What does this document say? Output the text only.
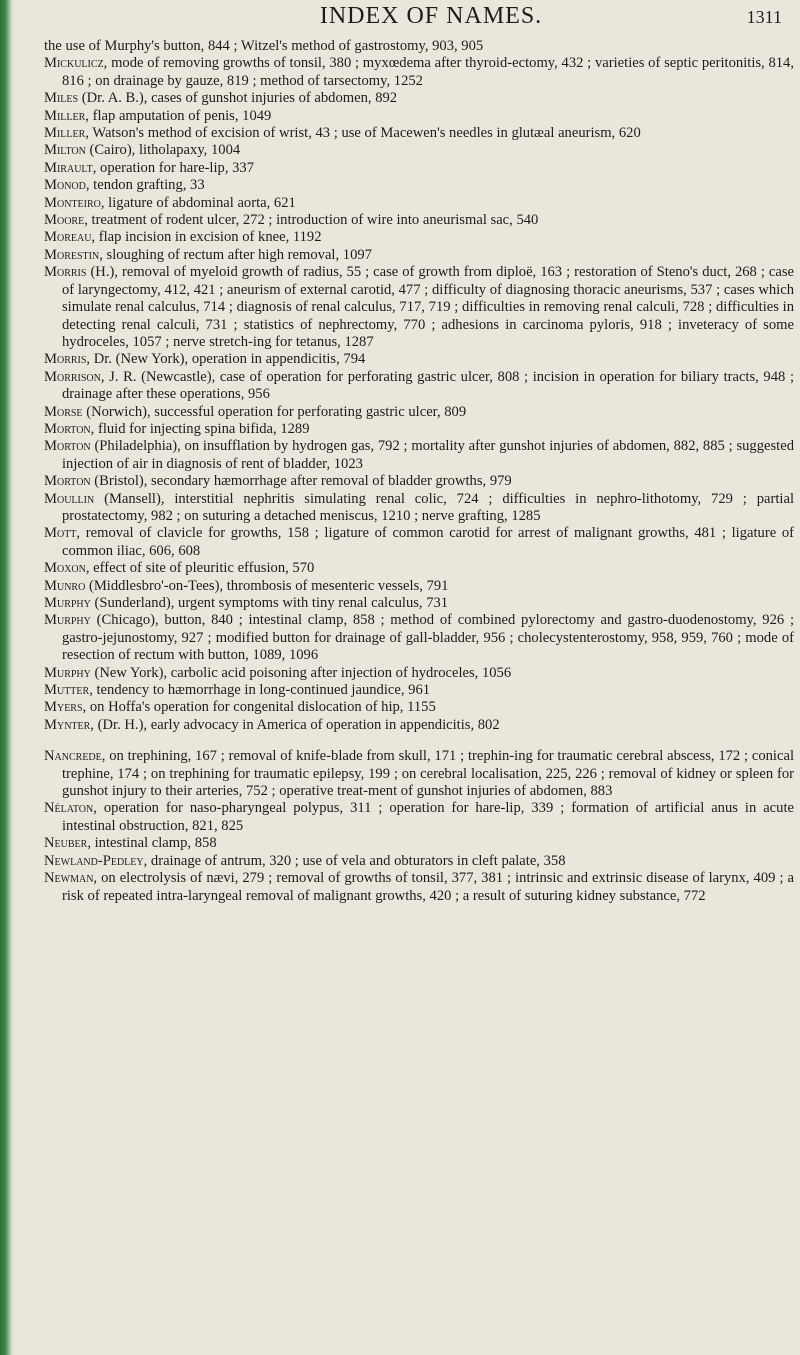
INDEX OF NAMES.	1311

the use of Murphy's button, 844 ; Witzel's method of gastrostomy, 903, 905

Mickulicz, mode of removing growths of tonsil, 380 ; myxœdema after thyroid-ectomy, 432 ; varieties of septic peritonitis, 814, 816 ; on drainage by gauze, 819 ; method of tarsectomy, 1252

Miles (Dr. A. B.), cases of gunshot injuries of abdomen, 892

Miller, flap amputation of penis, 1049

Miller, Watson's method of excision of wrist, 43 ; use of Macewen's needles in glutæal aneurism, 620

Milton (Cairo), litholapaxy, 1004

Mirault, operation for hare-lip, 337

Monod, tendon grafting, 33

Monteiro, ligature of abdominal aorta, 621

Moore, treatment of rodent ulcer, 272 ; introduction of wire into aneurismal sac, 540

Moreau, flap incision in excision of knee, 1192

Morestin, sloughing of rectum after high removal, 1097

Morris (H.), removal of myeloid growth of radius, 55 ; case of growth from diploë, 163 ; restoration of Steno's duct, 268 ; case of laryngectomy, 412, 421 ; aneurism of external carotid, 477 ; difficulty of diagnosing thoracic aneurisms, 537 ; cases which simulate renal calculus, 714 ; diagnosis of renal calculus, 717, 719 ; difficulties in removing renal calculi, 728 ; difficulties in detecting renal calculi, 731 ; statistics of nephrectomy, 770 ; adhesions in carcinoma pyloris, 918 ; inveteracy of some hydroceles, 1057 ; nerve stretch-ing for tetanus, 1287

Morris, Dr. (New York), operation in appendicitis, 794

Morrison, J. R. (Newcastle), case of operation for perforating gastric ulcer, 808 ; incision in operation for biliary tracts, 948 ; drainage after these operations, 956

Morse (Norwich), successful operation for perforating gastric ulcer, 809

Morton, fluid for injecting spina bifida, 1289

Morton (Philadelphia), on insufflation by hydrogen gas, 792 ; mortality after gunshot injuries of abdomen, 882, 885 ; suggested injection of air in diagnosis of rent of bladder, 1023

Morton (Bristol), secondary hæmorrhage after removal of bladder growths, 979

Moullin (Mansell), interstitial nephritis simulating renal colic, 724 ; difficulties in nephro-lithotomy, 729 ; partial prostatectomy, 982 ; on suturing a detached meniscus, 1210 ; nerve grafting, 1285

Mott, removal of clavicle for growths, 158 ; ligature of common carotid for arrest of malignant growths, 481 ; ligature of common iliac, 606, 608

Moxon, effect of site of pleuritic effusion, 570

Munro (Middlesbro'-on-Tees), thrombosis of mesenteric vessels, 791

Murphy (Sunderland), urgent symptoms with tiny renal calculus, 731

Murphy (Chicago), button, 840 ; intestinal clamp, 858 ; method of combined pylorectomy and gastro-duodenostomy, 926 ; gastro-jejunostomy, 927 ; modified button for drainage of gall-bladder, 956 ; cholecystenterostomy, 958, 959, 760 ; mode of resection of rectum with button, 1089, 1096

Murphy (New York), carbolic acid poisoning after injection of hydroceles, 1056

Mutter, tendency to hæmorrhage in long-continued jaundice, 961

Myers, on Hoffa's operation for congenital dislocation of hip, 1155

Mynter, (Dr. H.), early advocacy in America of operation in appendicitis, 802

Nancrede, on trephining, 167 ; removal of knife-blade from skull, 171 ; trephin-ing for traumatic cerebral abscess, 172 ; conical trephine, 174 ; on trephining for traumatic epilepsy, 199 ; on cerebral localisation, 225, 226 ; removal of kidney or spleen for gunshot injury to their arteries, 752 ; operative treat-ment of gunshot injuries of abdomen, 883

Nélaton, operation for naso-pharyngeal polypus, 311 ; operation for hare-lip, 339 ; formation of artificial anus in acute intestinal obstruction, 821, 825

Neuber, intestinal clamp, 858

Newland-Pedley, drainage of antrum, 320 ; use of vela and obturators in cleft palate, 358

Newman, on electrolysis of nævi, 279 ; removal of growths of tonsil, 377, 381 ; intrinsic and extrinsic disease of larynx, 409 ; a risk of repeated intra-laryngeal removal of malignant growths, 420 ; a result of suturing kidney substance, 772
